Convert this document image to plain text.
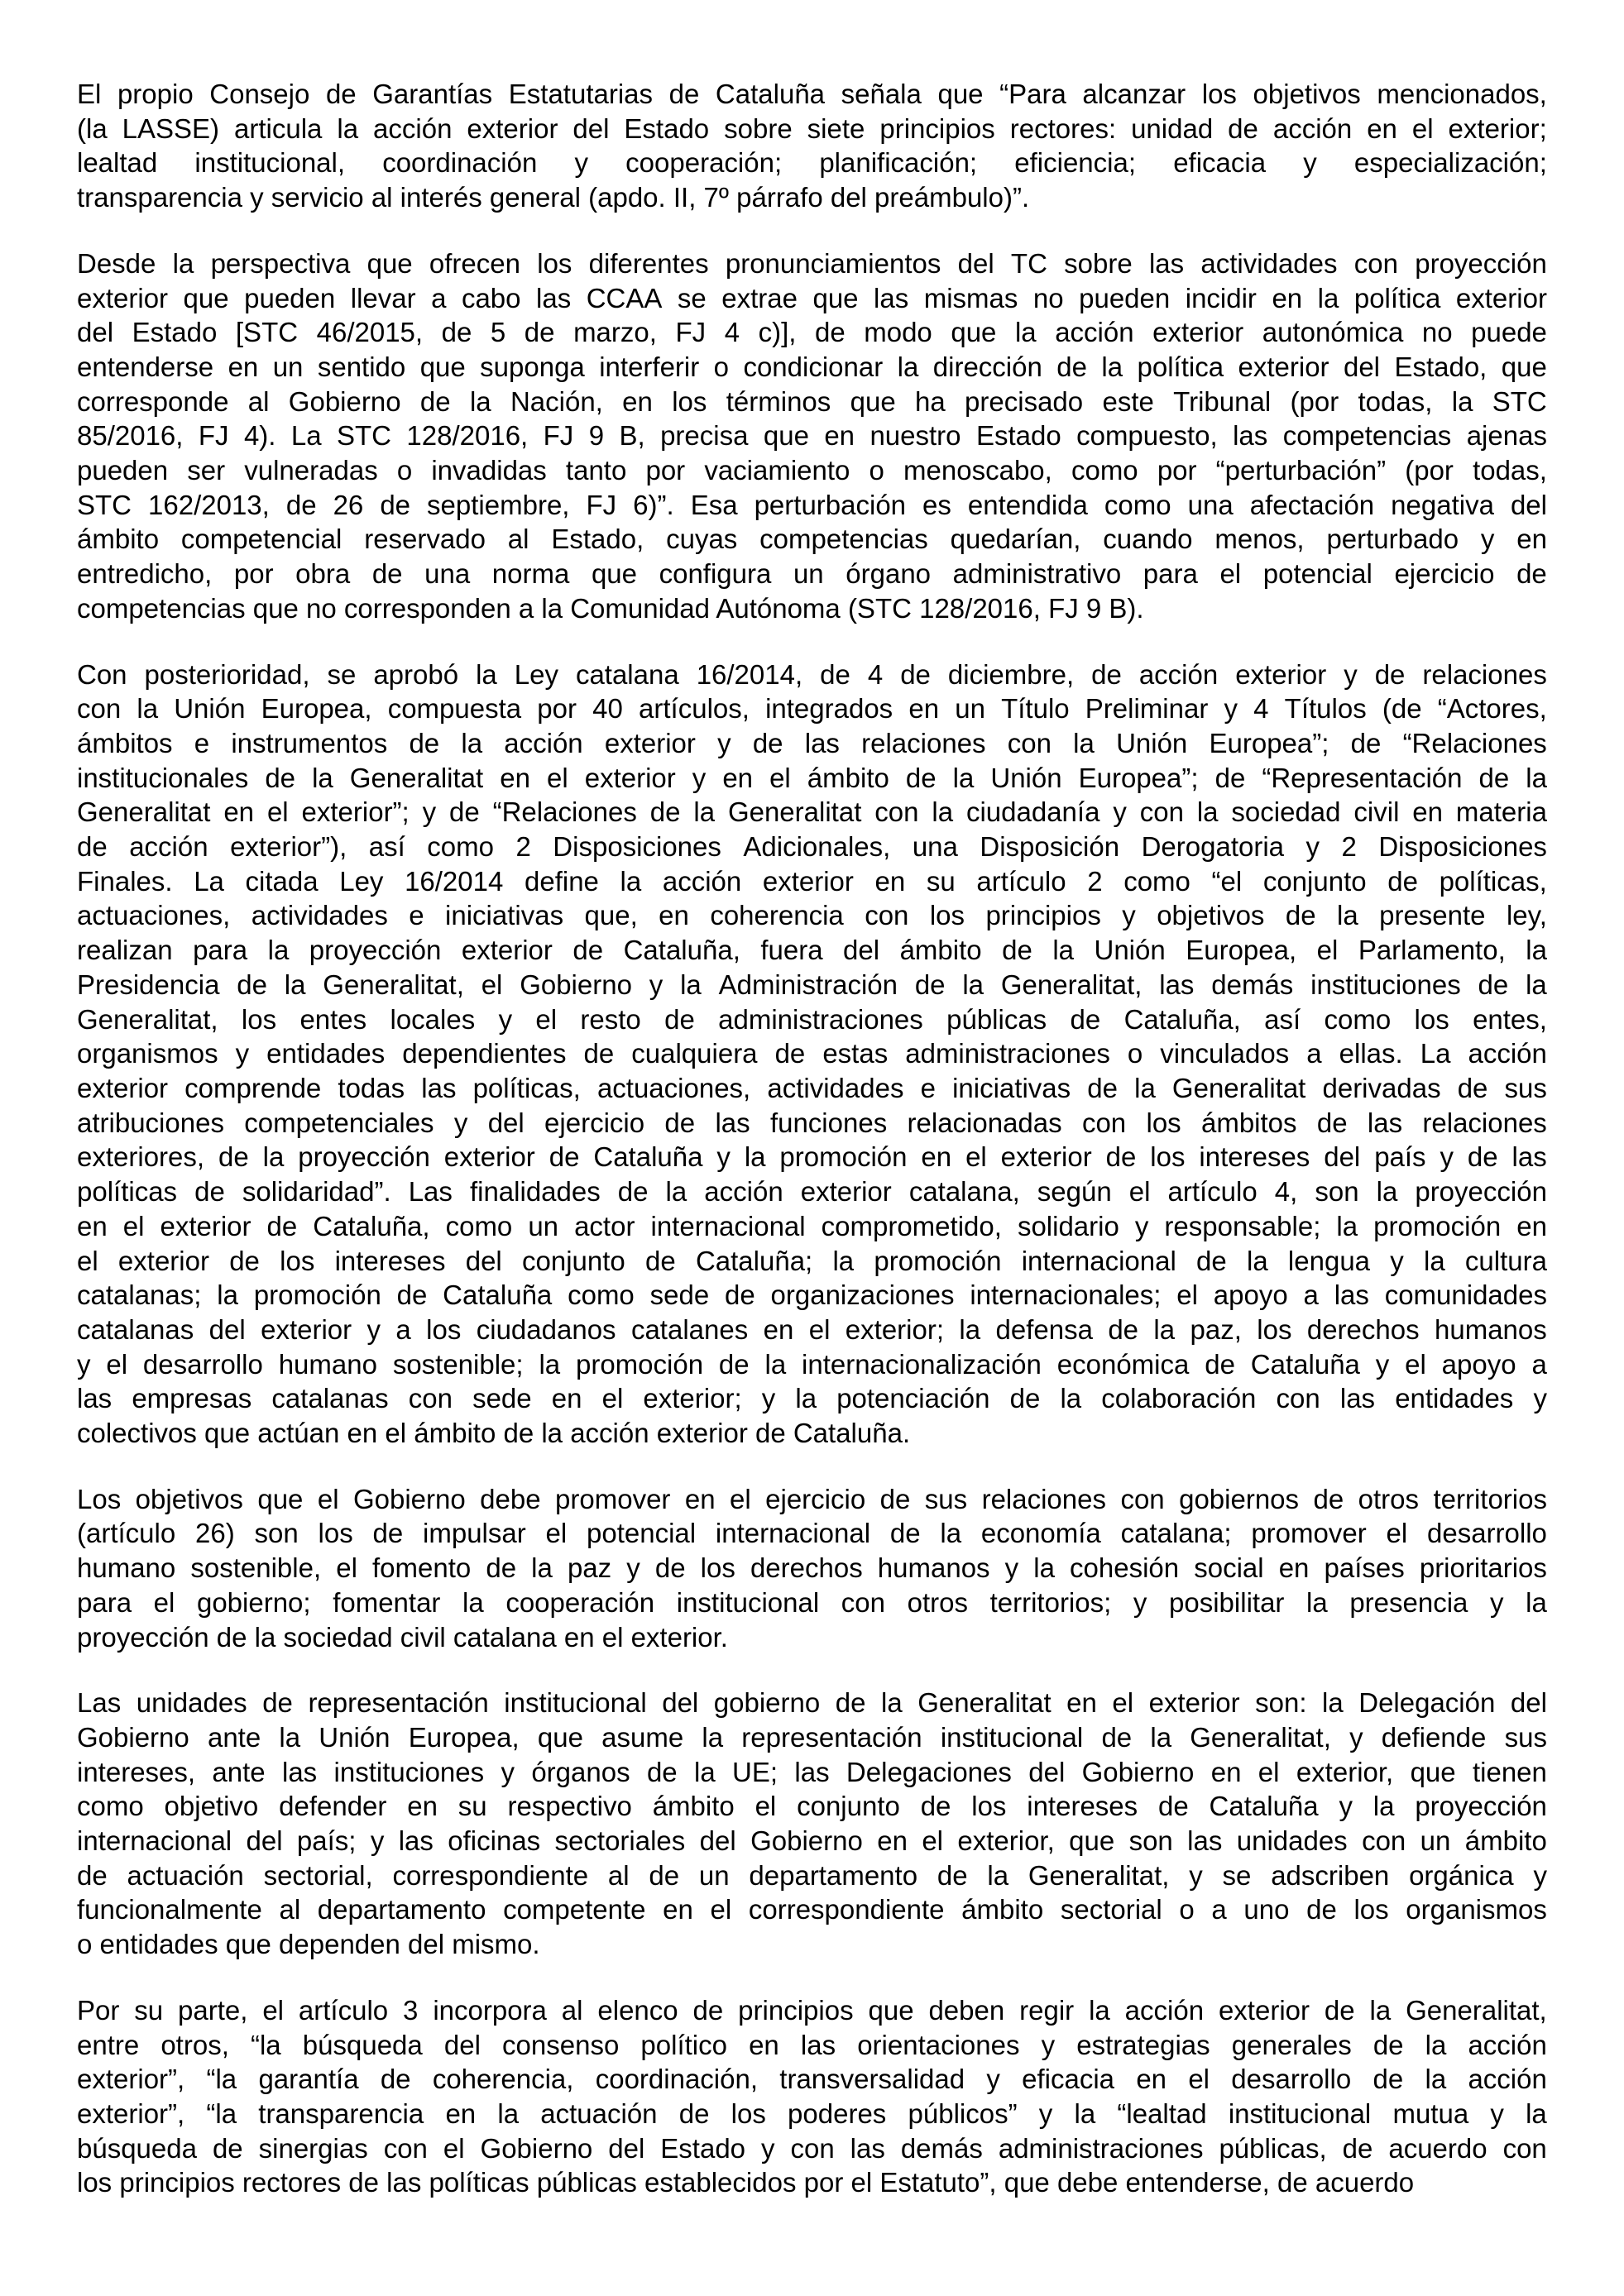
El propio Consejo de Garantías Estatutarias de Cataluña señala que “Para alcanzar los objetivos mencionados,
(la LASSE) articula la acción exterior del Estado sobre siete principios rectores: unidad de acción en el exterior;
lealtad institucional, coordinación y cooperación; planificación; eficiencia; eficacia y especialización;
transparencia y servicio al interés general (apdo. II, 7º párrafo del preámbulo)”.
Desde la perspectiva que ofrecen los diferentes pronunciamientos del TC sobre las actividades con proyección
exterior que pueden llevar a cabo las CCAA se extrae que las mismas no pueden incidir en la política exterior
del Estado [STC 46/2015, de 5 de marzo, FJ 4 c)], de modo que la acción exterior autonómica no puede
entenderse en un sentido que suponga interferir o condicionar la dirección de la política exterior del Estado, que
corresponde al Gobierno de la Nación, en los términos que ha precisado este Tribunal (por todas, la STC
85/2016, FJ 4). La STC 128/2016, FJ 9 B, precisa que en nuestro Estado compuesto, las competencias ajenas
pueden ser vulneradas o invadidas tanto por vaciamiento o menoscabo, como por “perturbación” (por todas,
STC 162/2013, de 26 de septiembre, FJ 6)”. Esa perturbación es entendida como una afectación negativa del
ámbito competencial reservado al Estado, cuyas competencias quedarían, cuando menos, perturbado y en
entredicho, por obra de una norma que configura un órgano administrativo para el potencial ejercicio de
competencias que no corresponden a la Comunidad Autónoma (STC 128/2016, FJ 9 B).
Con posterioridad, se aprobó la Ley catalana 16/2014, de 4 de diciembre, de acción exterior y de relaciones
con la Unión Europea, compuesta por 40 artículos, integrados en un Título Preliminar y 4 Títulos (de “Actores,
ámbitos e instrumentos de la acción exterior y de las relaciones con la Unión Europea”; de “Relaciones
institucionales de la Generalitat en el exterior y en el ámbito de la Unión Europea”; de “Representación de la
Generalitat en el exterior”; y de “Relaciones de la Generalitat con la ciudadanía y con la sociedad civil en materia
de acción exterior”), así como 2 Disposiciones Adicionales, una Disposición Derogatoria y 2 Disposiciones
Finales. La citada Ley 16/2014 define la acción exterior en su artículo 2 como “el conjunto de políticas,
actuaciones, actividades e iniciativas que, en coherencia con los principios y objetivos de la presente ley,
realizan para la proyección exterior de Cataluña, fuera del ámbito de la Unión Europea, el Parlamento, la
Presidencia de la Generalitat, el Gobierno y la Administración de la Generalitat, las demás instituciones de la
Generalitat, los entes locales y el resto de administraciones públicas de Cataluña, así como los entes,
organismos y entidades dependientes de cualquiera de estas administraciones o vinculados a ellas. La acción
exterior comprende todas las políticas, actuaciones, actividades e iniciativas de la Generalitat derivadas de sus
atribuciones competenciales y del ejercicio de las funciones relacionadas con los ámbitos de las relaciones
exteriores, de la proyección exterior de Cataluña y la promoción en el exterior de los intereses del país y de las
políticas de solidaridad”. Las finalidades de la acción exterior catalana, según el artículo 4, son la proyección
en el exterior de Cataluña, como un actor internacional comprometido, solidario y responsable; la promoción en
el exterior de los intereses del conjunto de Cataluña; la promoción internacional de la lengua y la cultura
catalanas; la promoción de Cataluña como sede de organizaciones internacionales; el apoyo a las comunidades
catalanas del exterior y a los ciudadanos catalanes en el exterior; la defensa de la paz, los derechos humanos
y el desarrollo humano sostenible; la promoción de la internacionalización económica de Cataluña y el apoyo a
las empresas catalanas con sede en el exterior; y la potenciación de la colaboración con las entidades y
colectivos que actúan en el ámbito de la acción exterior de Cataluña.
Los objetivos que el Gobierno debe promover en el ejercicio de sus relaciones con gobiernos de otros territorios
(artículo 26) son los de impulsar el potencial internacional de la economía catalana; promover el desarrollo
humano sostenible, el fomento de la paz y de los derechos humanos y la cohesión social en países prioritarios
para el gobierno; fomentar la cooperación institucional con otros territorios; y posibilitar la presencia y la
proyección de la sociedad civil catalana en el exterior.
Las unidades de representación institucional del gobierno de la Generalitat en el exterior son: la Delegación del
Gobierno ante la Unión Europea, que asume la representación institucional de la Generalitat, y defiende sus
intereses, ante las instituciones y órganos de la UE; las Delegaciones del Gobierno en el exterior, que tienen
como objetivo defender en su respectivo ámbito el conjunto de los intereses de Cataluña y la proyección
internacional del país; y las oficinas sectoriales del Gobierno en el exterior, que son las unidades con un ámbito
de actuación sectorial, correspondiente al de un departamento de la Generalitat, y se adscriben orgánica y
funcionalmente al departamento competente en el correspondiente ámbito sectorial o a uno de los organismos
o entidades que dependen del mismo.
Por su parte, el artículo 3 incorpora al elenco de principios que deben regir la acción exterior de la Generalitat,
entre otros, “la búsqueda del consenso político en las orientaciones y estrategias generales de la acción
exterior”, “la garantía de coherencia, coordinación, transversalidad y eficacia en el desarrollo de la acción
exterior”, “la transparencia en la actuación de los poderes públicos” y la “lealtad institucional mutua y la
búsqueda de sinergias con el Gobierno del Estado y con las demás administraciones públicas, de acuerdo con
los principios rectores de las políticas públicas establecidos por el Estatuto”, que debe entenderse, de acuerdo
